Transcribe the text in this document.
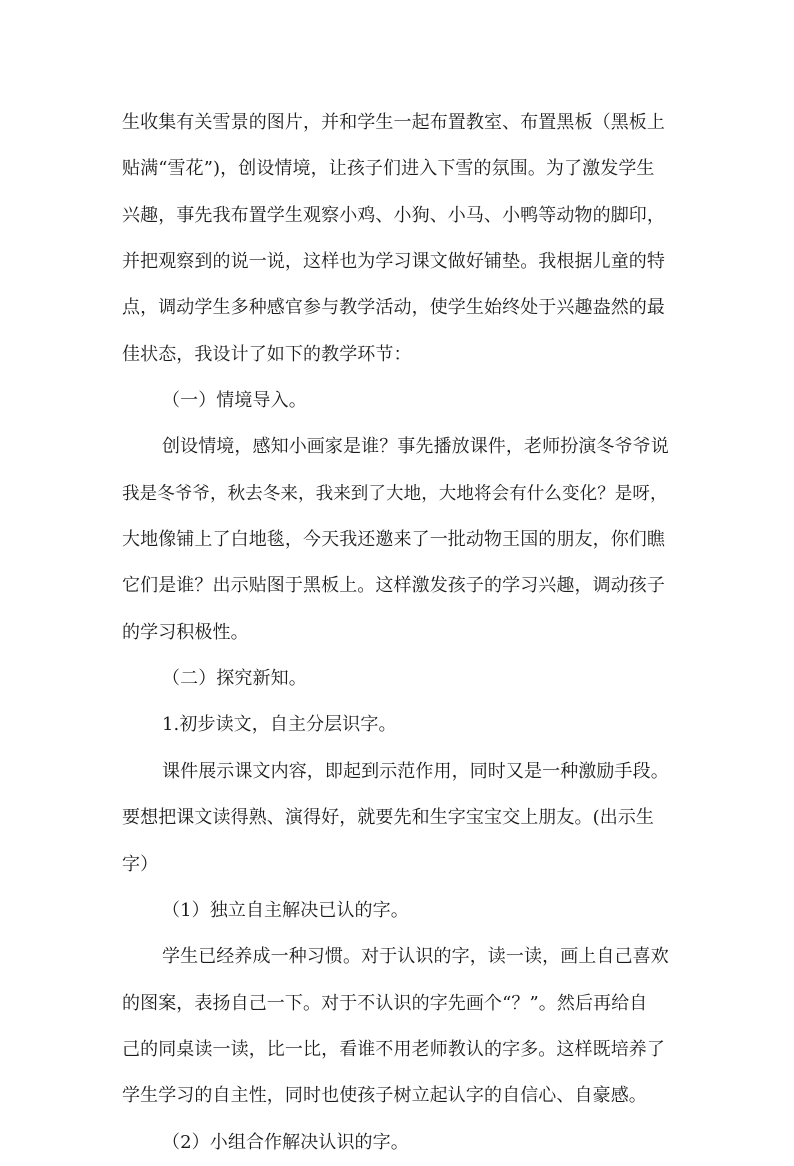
生收集有关雪景的图片，并和学生一起布置教室、布置黑板（黑板上
贴满“雪花”)，创设情境，让孩子们进入下雪的氛围。为了激发学生
兴趣，事先我布置学生观察小鸡、小狗、小马、小鸭等动物的脚印，
并把观察到的说一说，这样也为学习课文做好铺垫。我根据儿童的特
点，调动学生多种感官参与教学活动，使学生始终处于兴趣盎然的最
佳状态，我设计了如下的教学环节：
（一）情境导入。
创设情境，感知小画家是谁？事先播放课件，老师扮演冬爷爷说
我是冬爷爷，秋去冬来，我来到了大地，大地将会有什么变化？是呀，
大地像铺上了白地毯，今天我还邀来了一批动物王国的朋友，你们瞧
它们是谁？出示贴图于黑板上。这样激发孩子的学习兴趣，调动孩子
的学习积极性。
（二）探究新知。
1.初步读文，自主分层识字。
课件展示课文内容，即起到示范作用，同时又是一种激励手段。
要想把课文读得熟、演得好，就要先和生字宝宝交上朋友。(出示生
字）
（1）独立自主解决已认的字。
学生已经养成一种习惯。对于认识的字，读一读，画上自己喜欢
的图案，表扬自己一下。对于不认识的字先画个“？”。然后再给自
己的同桌读一读，比一比，看谁不用老师教认的字多。这样既培养了
学生学习的自主性，同时也使孩子树立起认字的自信心、自豪感。
（2）小组合作解决认识的字。
